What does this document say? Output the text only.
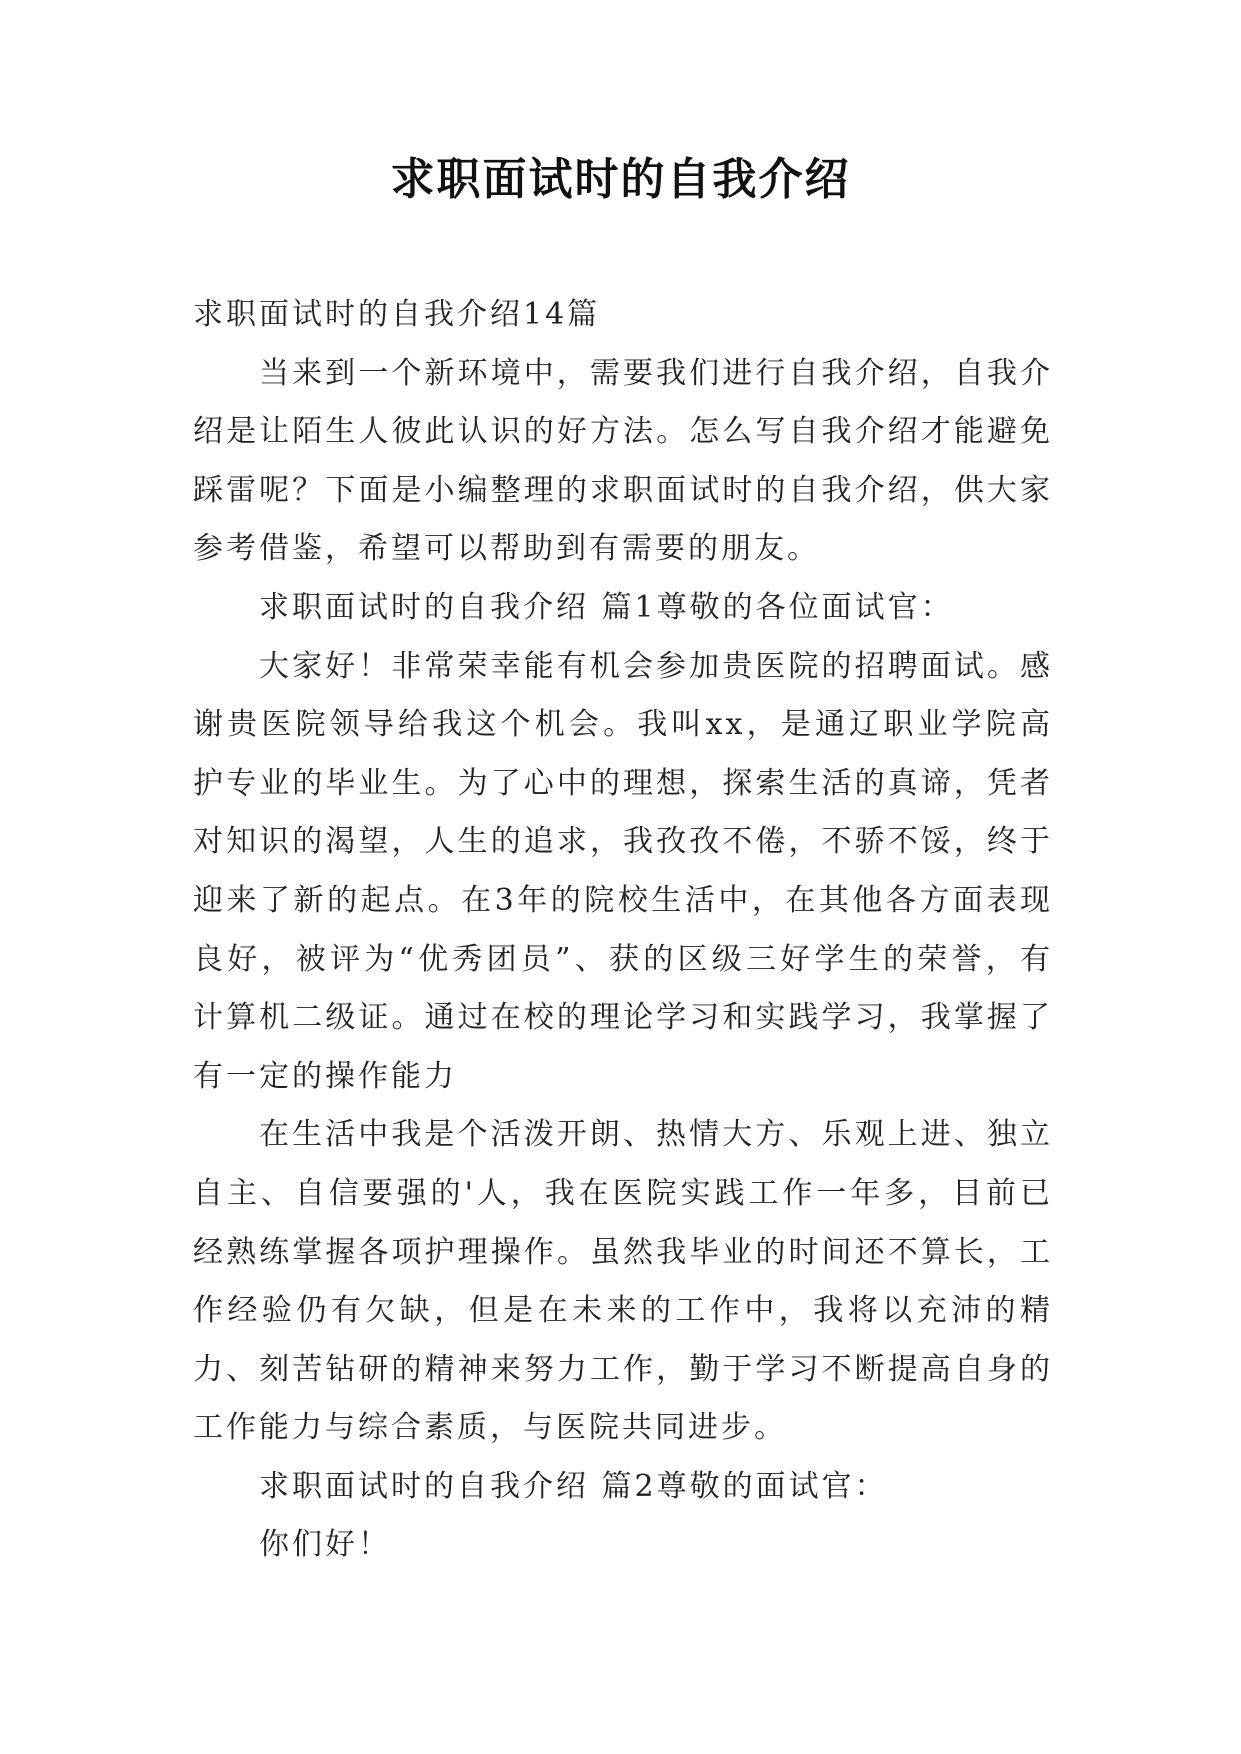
求职面试时的自我介绍

求职面试时的自我介绍14篇

当来到一个新环境中，需要我们进行自我介绍，自我介绍是让陌生人彼此认识的好方法。怎么写自我介绍才能避免踩雷呢？下面是小编整理的求职面试时的自我介绍，供大家参考借鉴，希望可以帮助到有需要的朋友。

求职面试时的自我介绍 篇1尊敬的各位面试官：

大家好！非常荣幸能有机会参加贵医院的招聘面试。感谢贵医院领导给我这个机会。我叫xx，是通辽职业学院高护专业的毕业生。为了心中的理想，探索生活的真谛，凭者对知识的渴望，人生的追求，我孜孜不倦，不骄不馁，终于迎来了新的起点。在3年的院校生活中，在其他各方面表现良好，被评为“优秀团员”、获的区级三好学生的荣誉，有计算机二级证。通过在校的理论学习和实践学习，我掌握了有一定的操作能力

在生活中我是个活泼开朗、热情大方、乐观上进、独立自主、自信要强的'人，我在医院实践工作一年多，目前已经熟练掌握各项护理操作。虽然我毕业的时间还不算长，工作经验仍有欠缺，但是在未来的工作中，我将以充沛的精力、刻苦钻研的精神来努力工作，勤于学习不断提高自身的工作能力与综合素质，与医院共同进步。

求职面试时的自我介绍 篇2尊敬的面试官：

你们好！
